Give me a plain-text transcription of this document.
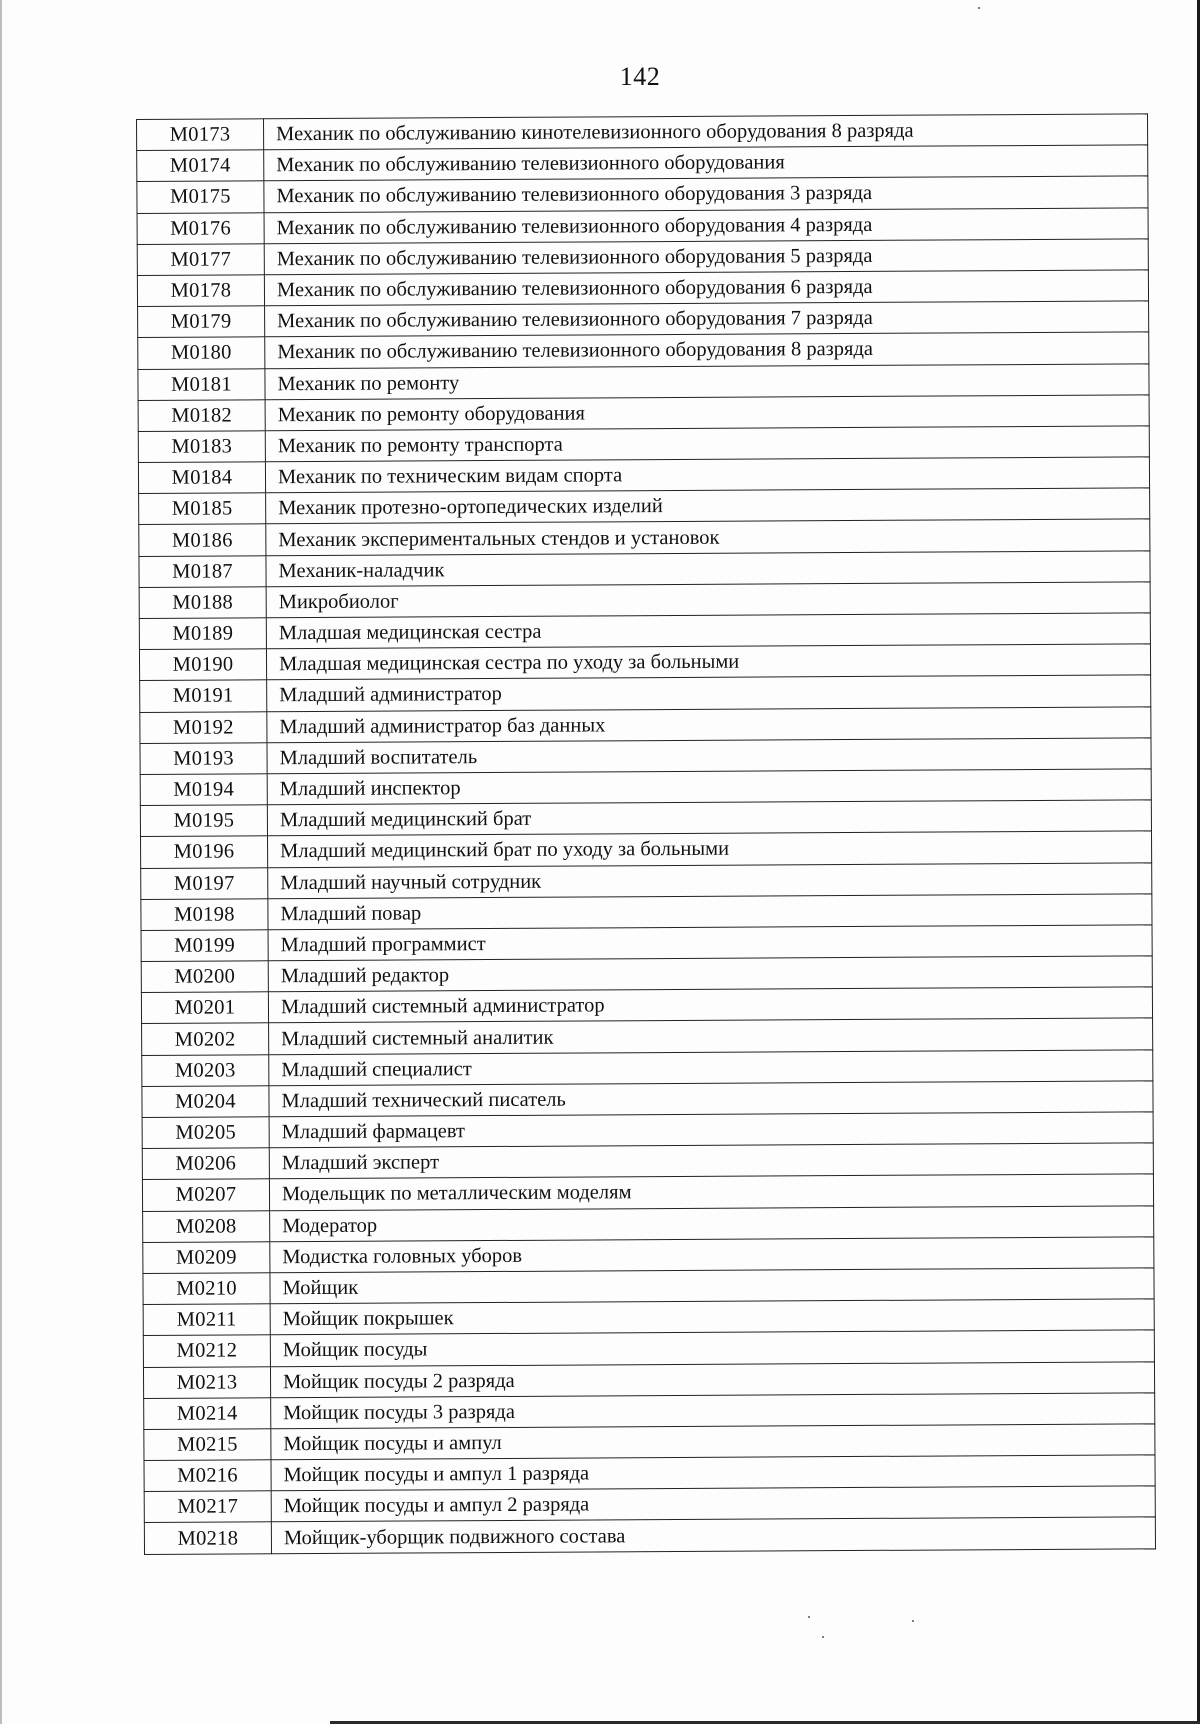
142
М0173	Механик по обслуживанию кинотелевизионного оборудования 8 разряда
М0174	Механик по обслуживанию телевизионного оборудования
М0175	Механик по обслуживанию телевизионного оборудования 3 разряда
М0176	Механик по обслуживанию телевизионного оборудования 4 разряда
М0177	Механик по обслуживанию телевизионного оборудования 5 разряда
М0178	Механик по обслуживанию телевизионного оборудования 6 разряда
М0179	Механик по обслуживанию телевизионного оборудования 7 разряда
М0180	Механик по обслуживанию телевизионного оборудования 8 разряда
М0181	Механик по ремонту
М0182	Механик по ремонту оборудования
М0183	Механик по ремонту транспорта
М0184	Механик по техническим видам спорта
М0185	Механик протезно-ортопедических изделий
М0186	Механик экспериментальных стендов и установок
М0187	Механик-наладчик
М0188	Микробиолог
М0189	Младшая медицинская сестра
М0190	Младшая медицинская сестра по уходу за больными
М0191	Младший администратор
М0192	Младший администратор баз данных
М0193	Младший воспитатель
М0194	Младший инспектор
М0195	Младший медицинский брат
М0196	Младший медицинский брат по уходу за больными
М0197	Младший научный сотрудник
М0198	Младший повар
М0199	Младший программист
М0200	Младший редактор
М0201	Младший системный администратор
М0202	Младший системный аналитик
М0203	Младший специалист
М0204	Младший технический писатель
М0205	Младший фармацевт
М0206	Младший эксперт
М0207	Модельщик по металлическим моделям
М0208	Модератор
М0209	Модистка головных уборов
М0210	Мойщик
М0211	Мойщик покрышек
М0212	Мойщик посуды
М0213	Мойщик посуды 2 разряда
М0214	Мойщик посуды 3 разряда
М0215	Мойщик посуды и ампул
М0216	Мойщик посуды и ампул 1 разряда
М0217	Мойщик посуды и ампул 2 разряда
М0218	Мойщик-уборщик подвижного состава
